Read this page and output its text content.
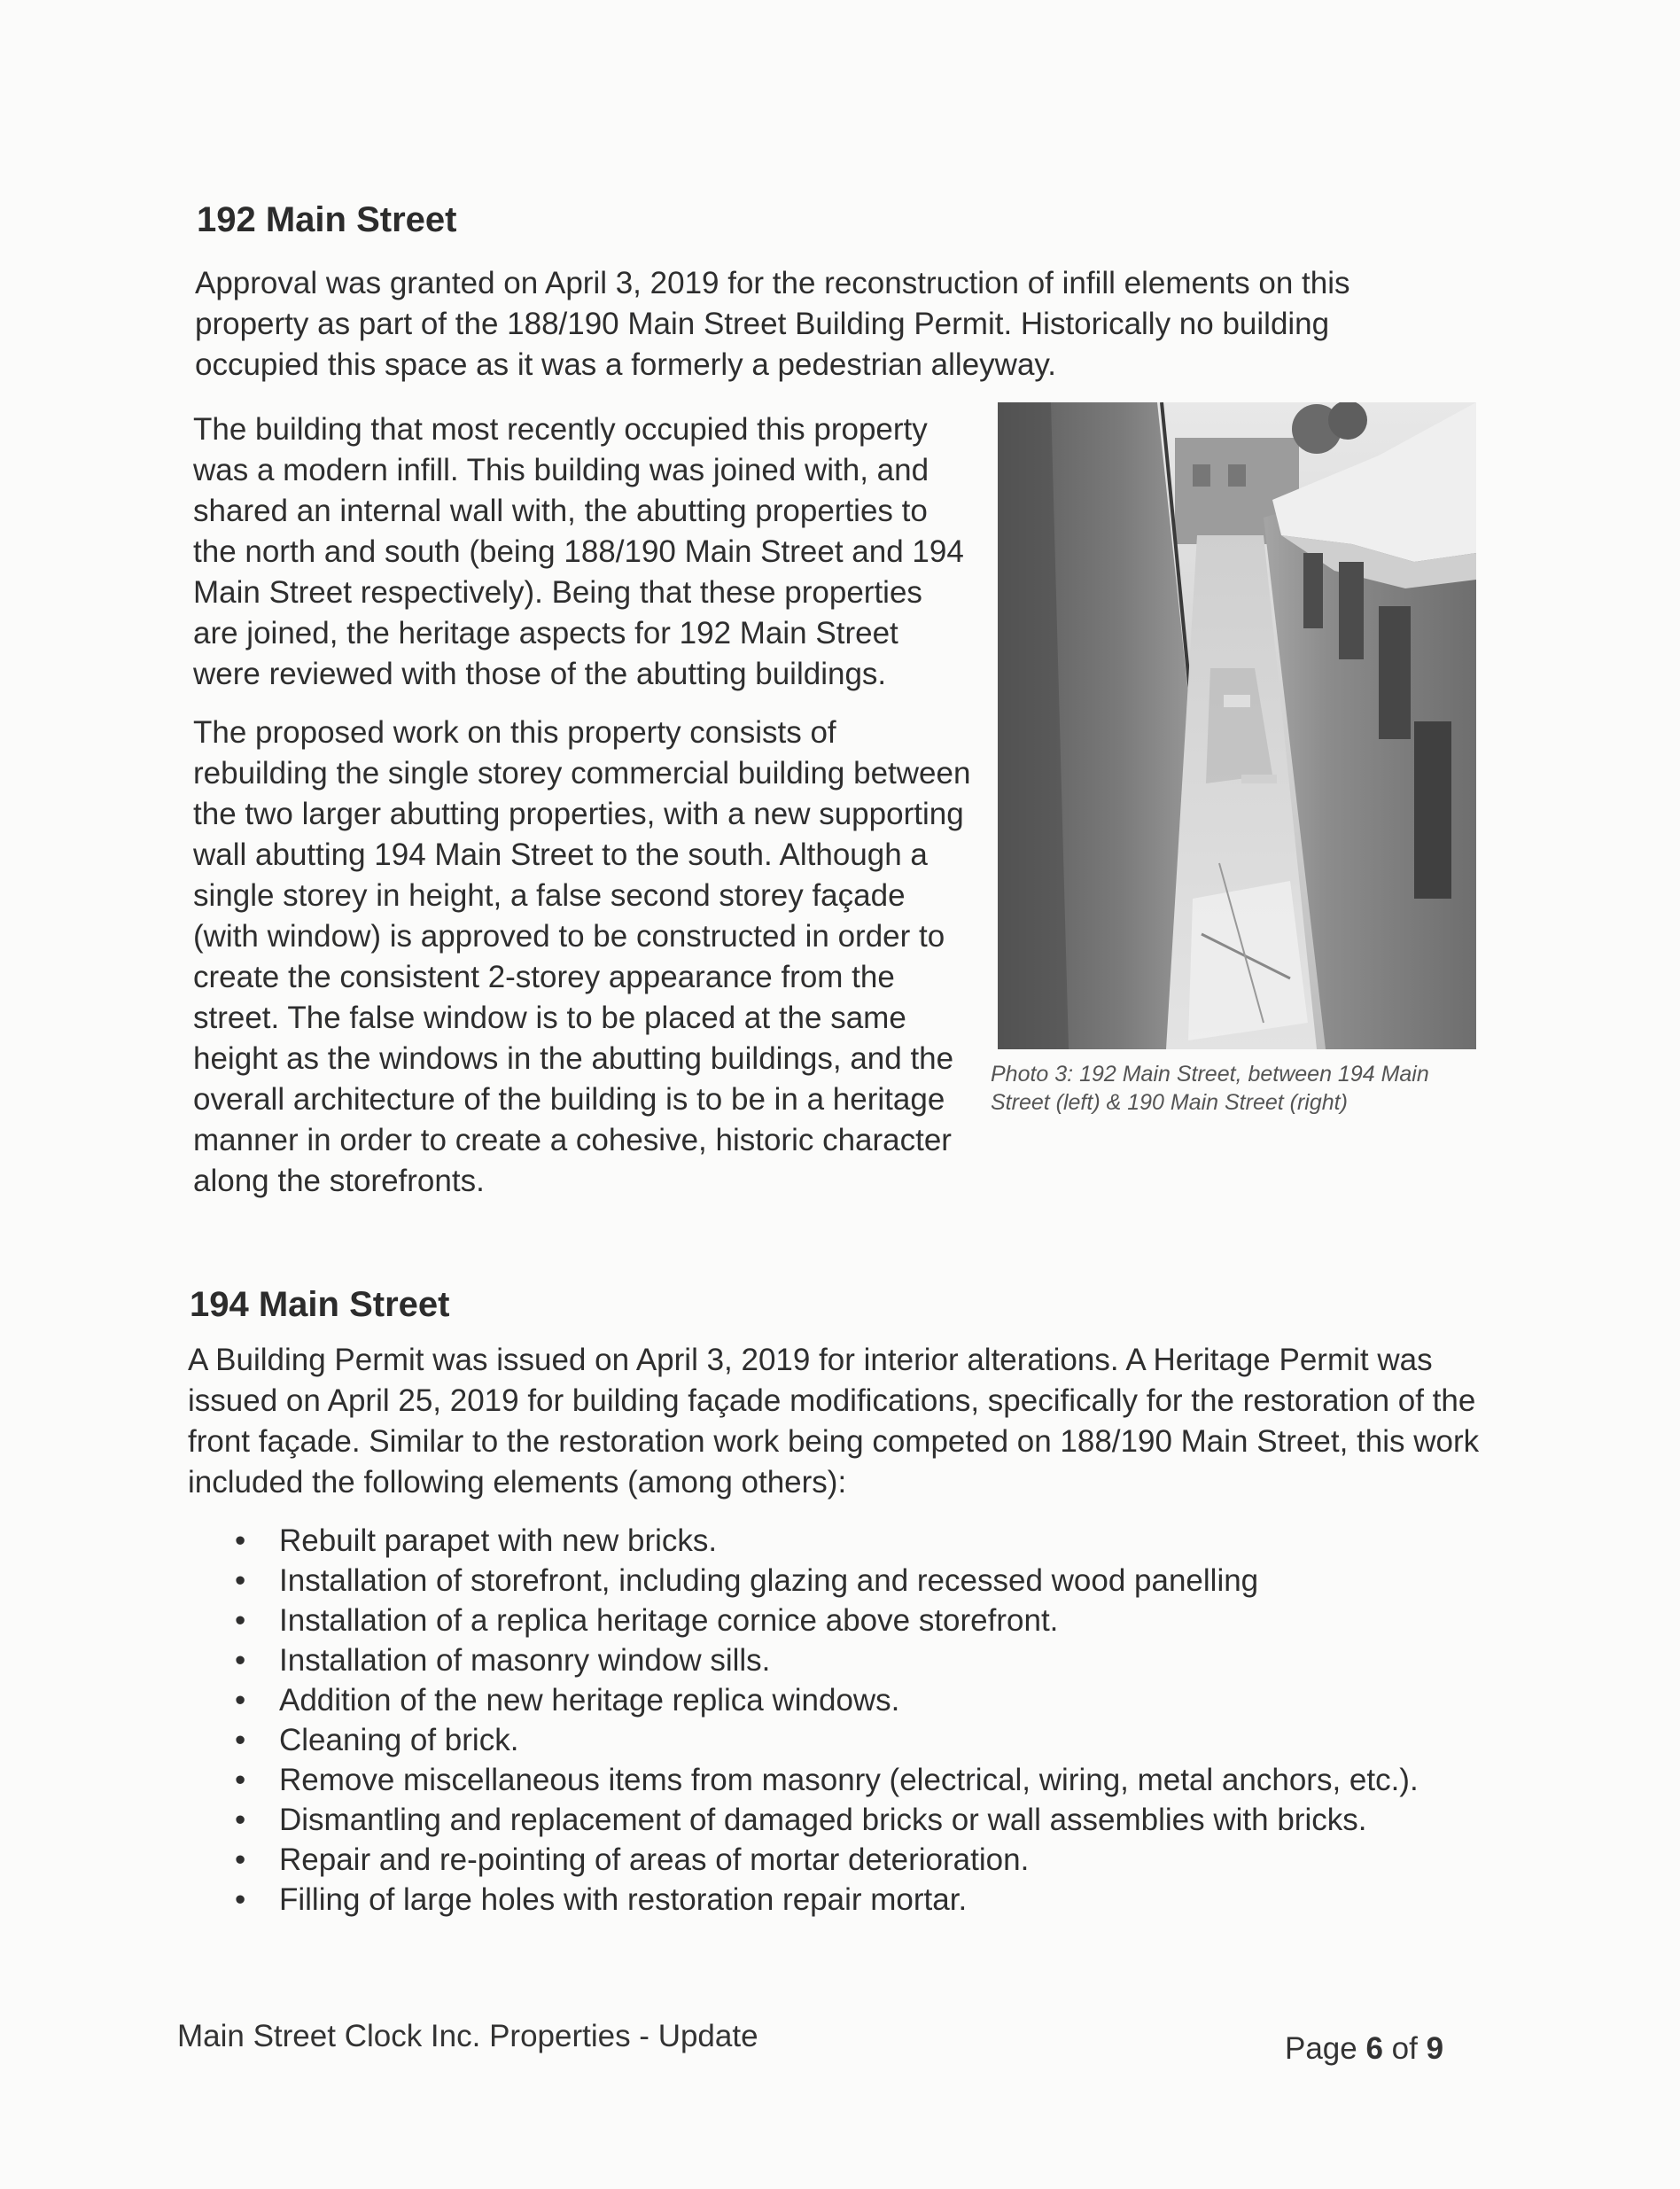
192 Main Street

Approval was granted on April 3, 2019 for the reconstruction of infill elements on this property as part of the 188/190 Main Street Building Permit. Historically no building occupied this space as it was a formerly a pedestrian alleyway.

Photo 3: 192 Main Street, between 194 Main Street (left) & 190 Main Street (right)

The building that most recently occupied this property was a modern infill. This building was joined with, and shared an internal wall with, the abutting properties to the north and south (being 188/190 Main Street and 194 Main Street respectively). Being that these properties are joined, the heritage aspects for 192 Main Street were reviewed with those of the abutting buildings.

The proposed work on this property consists of rebuilding the single storey commercial building between the two larger abutting properties, with a new supporting wall abutting 194 Main Street to the south. Although a single storey in height, a false second storey façade (with window) is approved to be constructed in order to create the consistent 2-storey appearance from the street. The false window is to be placed at the same height as the windows in the abutting buildings, and the overall architecture of the building is to be in a heritage manner in order to create a cohesive, historic character along the storefronts.

194 Main Street

A Building Permit was issued on April 3, 2019 for interior alterations. A Heritage Permit was issued on April 25, 2019 for building façade modifications, specifically for the restoration of the front façade. Similar to the restoration work being competed on 188/190 Main Street, this work included the following elements (among others):

• Rebuilt parapet with new bricks.
• Installation of storefront, including glazing and recessed wood panelling
• Installation of a replica heritage cornice above storefront.
• Installation of masonry window sills.
• Addition of the new heritage replica windows.
• Cleaning of brick.
• Remove miscellaneous items from masonry (electrical, wiring, metal anchors, etc.).
• Dismantling and replacement of damaged bricks or wall assemblies with bricks.
• Repair and re-pointing of areas of mortar deterioration.
• Filling of large holes with restoration repair mortar.
Main Street Clock Inc. Properties - Update	Page 6 of 9
